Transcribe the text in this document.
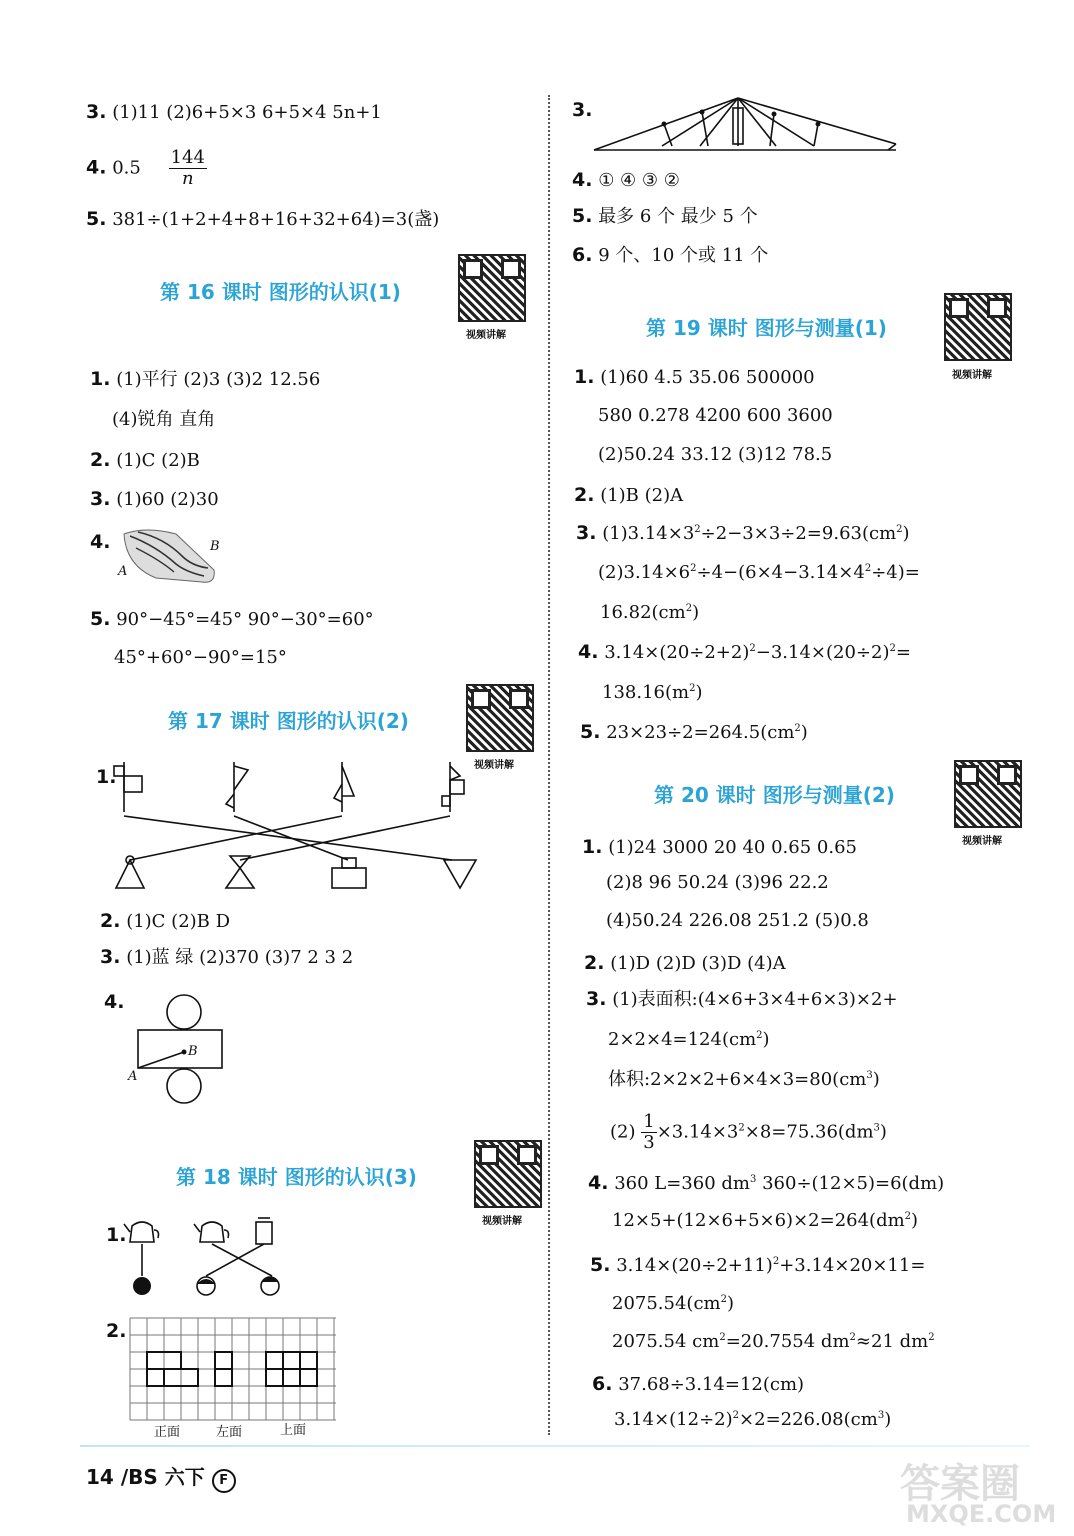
3. (1)11 (2)6+5×3 6+5×4 5n+1
4. $0.5 \frac{144}{n}$
5. 381÷(1+2+4+8+16+32+64)=3(盏)
第 16 课时 图形的认识(1)
视频讲解
1. (1)平行 (2)3 (3)2 12.56
(4)锐角 直角
2. (1)C (2)B
3. (1)60 (2)30
4.	B
A
5. 90°−45°=45° 90°−30°=60°
45°+60°−90°=15°
第 17 课时 图形的认识(2)
视频讲解
1.
2. (1)C (2)B D
3. (1)蓝 绿 (2)370 (3)7 2 3 2
4.
B
A
第 18 课时 图形的认识(3)
视频讲解
1.
2.
正面	左面	上面
3.
4. ① ④ ③ ②
5. 最多 6 个 最少 5 个
6. 9 个、10 个或 11 个
第 19 课时 图形与测量(1)
视频讲解
1. (1)60 4.5 35.06 500000
580 0.278 4200 600 3600
(2)50.24 33.12 (3)12 78.5
2. (1)B (2)A
3. $(1)3.14\times 3^2\div 2-3\times 3\div 2=9.63(cm^2)$
$(2)3.14\times 6^2\div 4-(6\times 4-3.14\times 4^2\div 4)=$
$16.82(cm^2)$
4. $3.14\times(20\div 2+2)^2-3.14\times(20\div 2)^2=$
$138.16(m^2)$
5. $23\times 23\div 2=264.5(cm^2)$
第 20 课时 图形与测量(2)
视频讲解
1. (1)24 3000 20 40 0.65 0.65
(2)8 96 50.24 (3)96 22.2
(4)50.24 226.08 251.2 (5)0.8
2. (1)D (2)D (3)D (4)A
3. (1)表面积:(4×6+3×4+6×3)×2+
$2\times 2\times 4=124(cm^2)$
体积$:2\times 2\times 2+6\times 4\times 3=80(cm^3)$
$(2) \frac{1}{3} \times 3.14\times 3^2\times 8=75.36(dm^3)$
4. 360 L=360 $dm^3$ 360÷(12×5)=6(dm)
$12\times 5+(12\times 6+5\times 6)\times 2=264(dm^2)$
5. $3.14\times(20\div 2+11)^2+3.14\times 20\times 11=$
$2075.54(cm^2)$
2075.54 $cm^2=20.7554$ $dm^2\approx 21$ $dm^2$
6. 37.68÷3.14=12(cm)
$3.14\times(12\div 2)^2\times 2=226.08(cm^3)$
14 /BS 六下 F	答案圈
MXQE.COM
